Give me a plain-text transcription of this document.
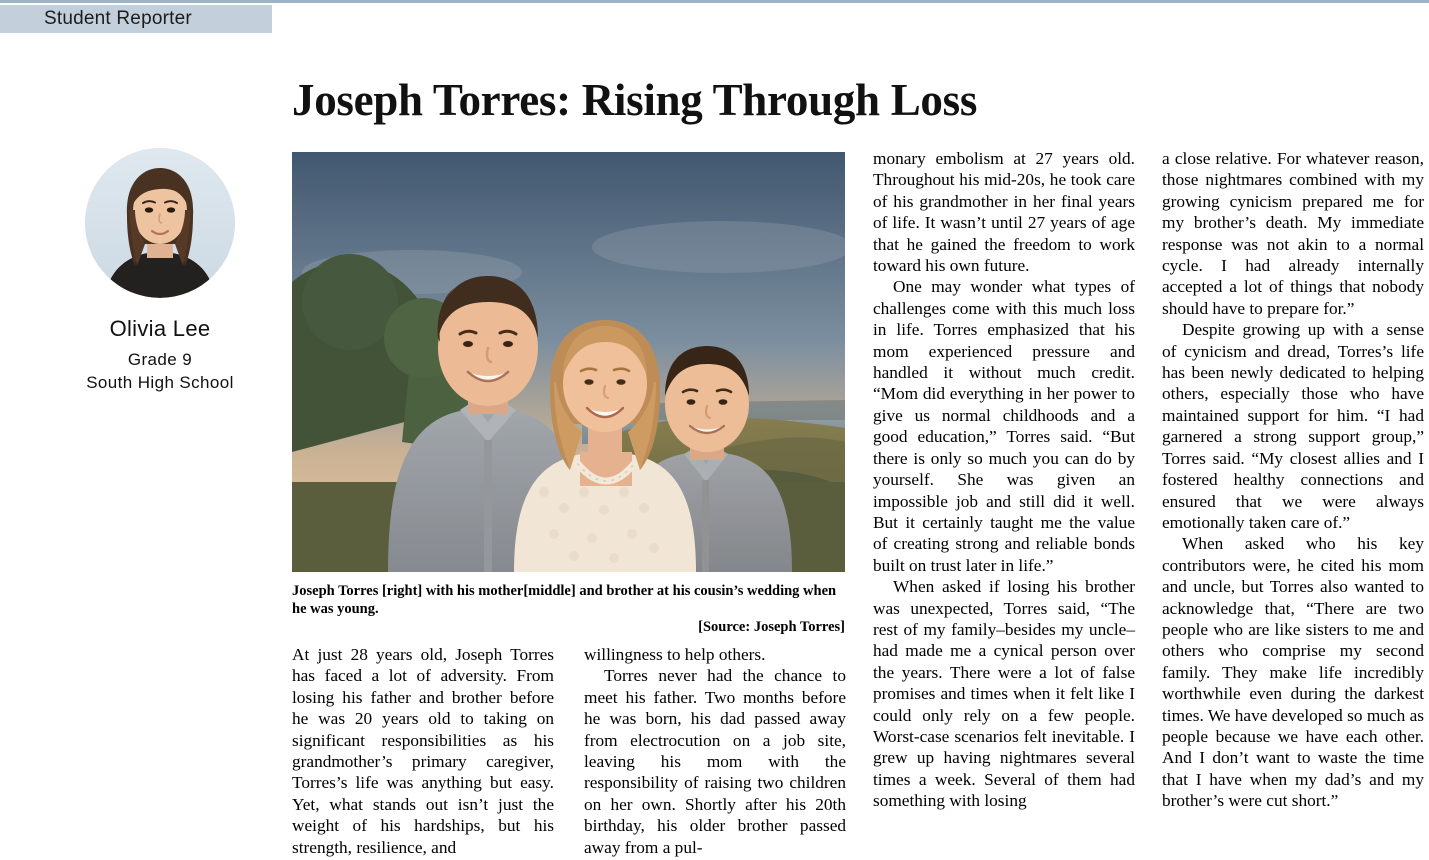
Student Reporter
Joseph Torres: Rising Through Loss
Olivia Lee
Grade 9
South High School
Joseph Torres [right] with his mother[middle] and brother at his cousin’s wedding when he was young.
[Source: Joseph Torres]

At just 28 years old, Joseph Torres has faced a lot of adversity. From losing his father and brother before he was 20 years old to taking on significant responsibilities as his grandmother’s primary caregiver, Torres’s life was anything but easy. Yet, what stands out isn’t just the weight of his hardships, but his strength, resilience, and

willingness to help others.

Torres never had the chance to meet his father. Two months before he was born, his dad passed away from electrocution on a job site, leaving his mom with the responsibility of raising two children on her own. Shortly after his 20th birthday, his older brother passed away from a pul-

monary embolism at 27 years old. Throughout his mid-20s, he took care of his grandmother in her final years of life. It wasn’t until 27 years of age that he gained the freedom to work toward his own future.

One may wonder what types of challenges come with this much loss in life. Torres emphasized that his mom experienced pressure and handled it without much credit. “Mom did everything in her power to give us normal childhoods and a good education,” Torres said. “But there is only so much you can do by yourself. She was given an impossible job and still did it well. But it certainly taught me the value of creating strong and reliable bonds built on trust later in life.”

When asked if losing his brother was unexpected, Torres said, “The rest of my family–besides my uncle–had made me a cynical person over the years. There were a lot of false promises and times when it felt like I could only rely on a few people. Worst-case scenarios felt inevitable. I grew up having nightmares several times a week. Several of them had something with losing

a close relative. For whatever reason, those nightmares combined with my growing cynicism prepared me for my brother’s death. My immediate response was not akin to a normal cycle. I had already internally accepted a lot of things that nobody should have to prepare for.”

Despite growing up with a sense of cynicism and dread, Torres’s life has been newly dedicated to helping others, especially those who have maintained support for him. “I had garnered a strong support group,” Torres said. “My closest allies and I fostered healthy connections and ensured that we were always emotionally taken care of.”

When asked who his key contributors were, he cited his mom and uncle, but Torres also wanted to acknowledge that, “There are two people who are like sisters to me and others who comprise my second family. They make life incredibly worthwhile even during the darkest times. We have developed so much as people because we have each other. And I don’t want to waste the time that I have when my dad’s and my brother’s were cut short.”
